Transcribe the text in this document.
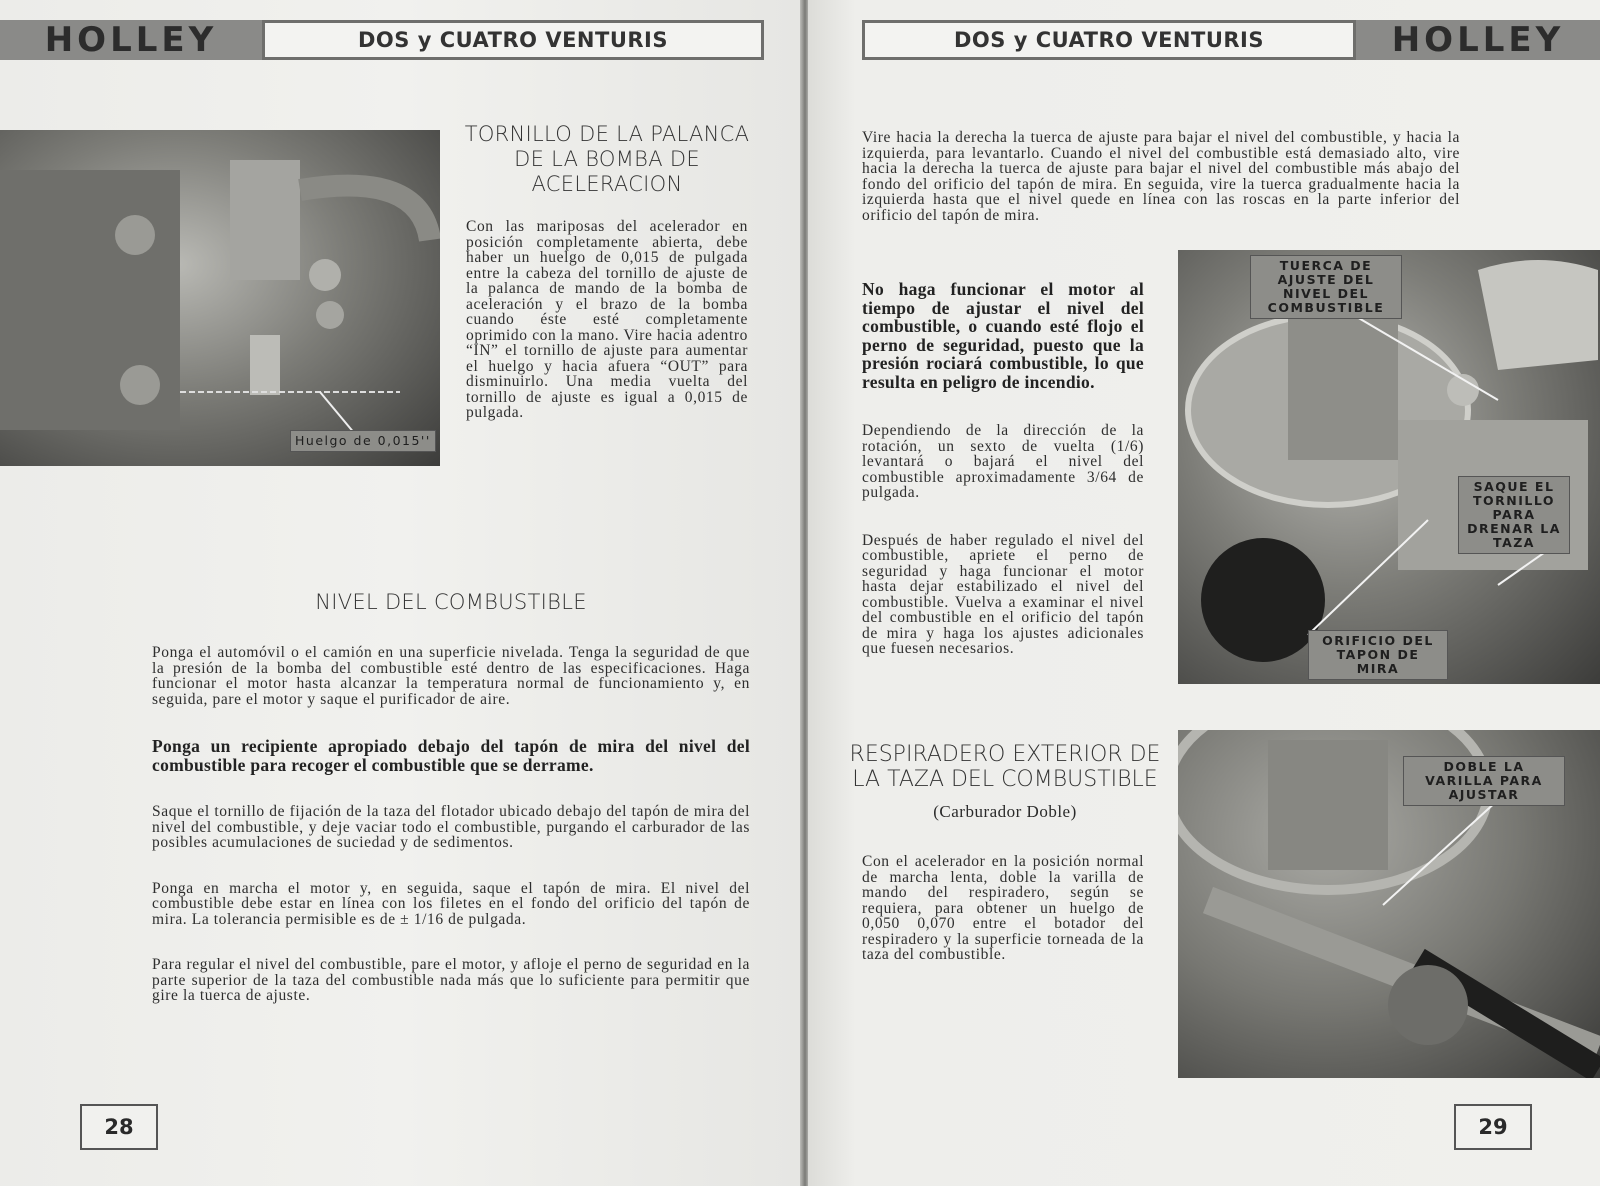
HOLLEY	DOS y CUATRO VENTURIS
Huelgo de 0,015''
TORNILLO DE LA PALANCA DE LA BOMBA DE ACELERACION
Con las mariposas del acelerador en posición completamente abierta, debe haber un huelgo de 0,015 de pulgada entre la cabeza del tornillo de ajuste de la palanca de mando de la bomba de aceleración y el brazo de la bomba cuando éste esté completamente oprimido con la mano. Vire hacia adentro “IN” el tornillo de ajuste para aumentar el huelgo y hacia afuera “OUT” para disminuirlo. Una media vuelta del tornillo de ajuste es igual a 0,015 de pulgada.
NIVEL DEL COMBUSTIBLE
Ponga el automóvil o el camión en una superficie nivelada. Tenga la seguridad de que la presión de la bomba del combustible esté dentro de las especificaciones. Haga funcionar el motor hasta alcanzar la temperatura normal de funcionamiento y, en seguida, pare el motor y saque el purificador de aire.
Ponga un recipiente apropiado debajo del tapón de mira del nivel del combustible para recoger el combustible que se derrame.
Saque el tornillo de fijación de la taza del flotador ubicado debajo del tapón de mira del nivel del combustible, y deje vaciar todo el combustible, purgando el carburador de las posibles acumulaciones de suciedad y de sedimentos.
Ponga en marcha el motor y, en seguida, saque el tapón de mira. El nivel del combustible debe estar en línea con los filetes en el fondo del orificio del tapón de mira. La tolerancia permisible es de ± 1/16 de pulgada.
Para regular el nivel del combustible, pare el motor, y afloje el perno de seguridad en la parte superior de la taza del combustible nada más que lo suficiente para permitir que gire la tuerca de ajuste.
28
DOS y CUATRO VENTURIS	HOLLEY
Vire hacia la derecha la tuerca de ajuste para bajar el nivel del combustible, y hacia la izquierda, para levantarlo. Cuando el nivel del combustible está demasiado alto, vire hacia la derecha la tuerca de ajuste para bajar el nivel del combustible más abajo del fondo del orificio del tapón de mira. En seguida, vire la tuerca gradualmente hacia la izquierda hasta que el nivel quede en línea con las roscas en la parte inferior del orificio del tapón de mira.
No haga funcionar el motor al tiempo de ajustar el nivel del combustible, o cuando esté flojo el perno de seguridad, puesto que la presión rociará combustible, lo que resulta en peligro de incendio.
Dependiendo de la dirección de la rotación, un sexto de vuelta (1/6) levantará o bajará el nivel del combustible aproximadamente 3/64 de pulgada.
Después de haber regulado el nivel del combustible, apriete el perno de seguridad y haga funcionar el motor hasta dejar estabilizado el nivel del combustible. Vuelva a examinar el nivel del combustible en el orificio del tapón de mira y haga los ajustes adicionales que fuesen necesarios.
TUERCA DE AJUSTE DEL NIVEL DEL COMBUSTIBLE
SAQUE EL TORNILLO PARA DRENAR LA TAZA
ORIFICIO DEL TAPON DE MIRA
RESPIRADERO EXTERIOR DE LA TAZA DEL COMBUSTIBLE
(Carburador Doble)
Con el acelerador en la posición normal de marcha lenta, doble la varilla de mando del respiradero, según se requiera, para obtener un huelgo de 0,050 0,070 entre el botador del respiradero y la superficie torneada de la taza del combustible.
DOBLE LA VARILLA PARA AJUSTAR
29
